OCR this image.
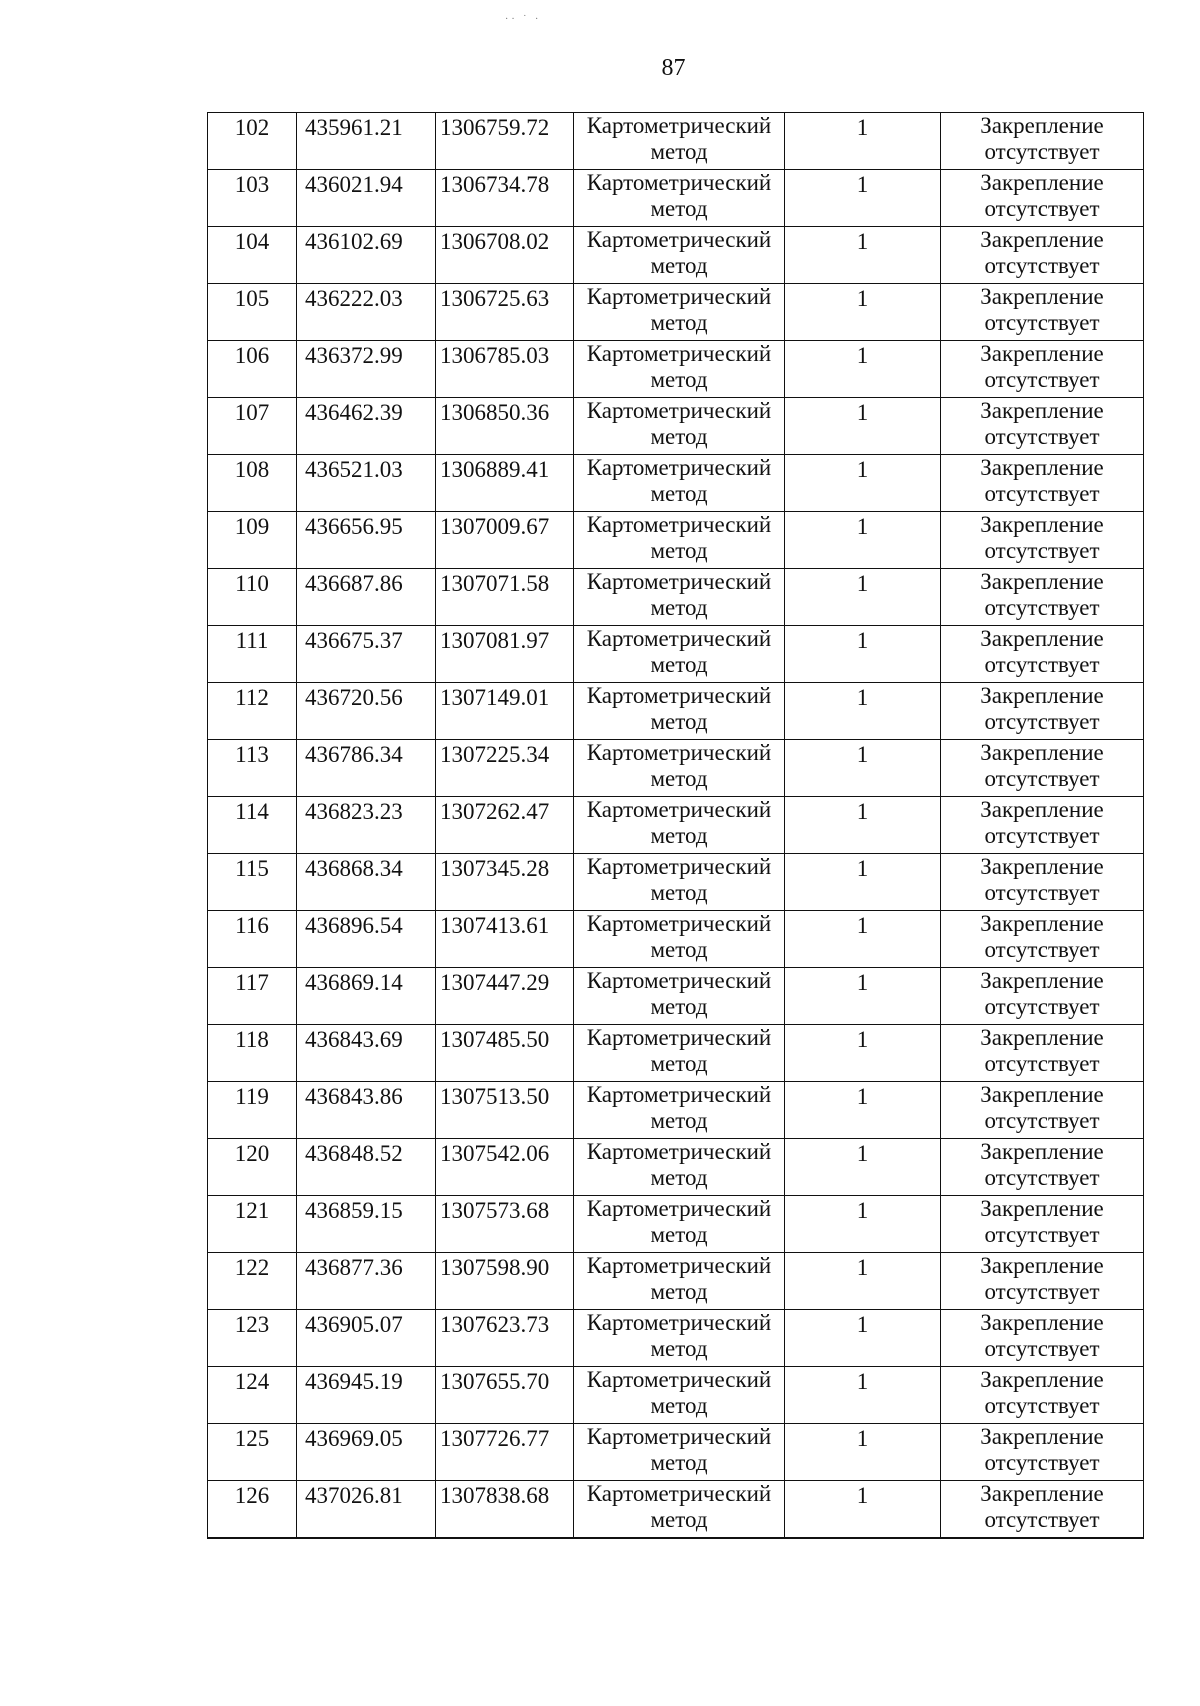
·· ˙ ·
87
102	435961.21	1306759.72	Картометрический метод	1	Закрепление отсутствует
103	436021.94	1306734.78	Картометрический метод	1	Закрепление отсутствует
104	436102.69	1306708.02	Картометрический метод	1	Закрепление отсутствует
105	436222.03	1306725.63	Картометрический метод	1	Закрепление отсутствует
106	436372.99	1306785.03	Картометрический метод	1	Закрепление отсутствует
107	436462.39	1306850.36	Картометрический метод	1	Закрепление отсутствует
108	436521.03	1306889.41	Картометрический метод	1	Закрепление отсутствует
109	436656.95	1307009.67	Картометрический метод	1	Закрепление отсутствует
110	436687.86	1307071.58	Картометрический метод	1	Закрепление отсутствует
111	436675.37	1307081.97	Картометрический метод	1	Закрепление отсутствует
112	436720.56	1307149.01	Картометрический метод	1	Закрепление отсутствует
113	436786.34	1307225.34	Картометрический метод	1	Закрепление отсутствует
114	436823.23	1307262.47	Картометрический метод	1	Закрепление отсутствует
115	436868.34	1307345.28	Картометрический метод	1	Закрепление отсутствует
116	436896.54	1307413.61	Картометрический метод	1	Закрепление отсутствует
117	436869.14	1307447.29	Картометрический метод	1	Закрепление отсутствует
118	436843.69	1307485.50	Картометрический метод	1	Закрепление отсутствует
119	436843.86	1307513.50	Картометрический метод	1	Закрепление отсутствует
120	436848.52	1307542.06	Картометрический метод	1	Закрепление отсутствует
121	436859.15	1307573.68	Картометрический метод	1	Закрепление отсутствует
122	436877.36	1307598.90	Картометрический метод	1	Закрепление отсутствует
123	436905.07	1307623.73	Картометрический метод	1	Закрепление отсутствует
124	436945.19	1307655.70	Картометрический метод	1	Закрепление отсутствует
125	436969.05	1307726.77	Картометрический метод	1	Закрепление отсутствует
126	437026.81	1307838.68	Картометрический метод	1	Закрепление отсутствует
